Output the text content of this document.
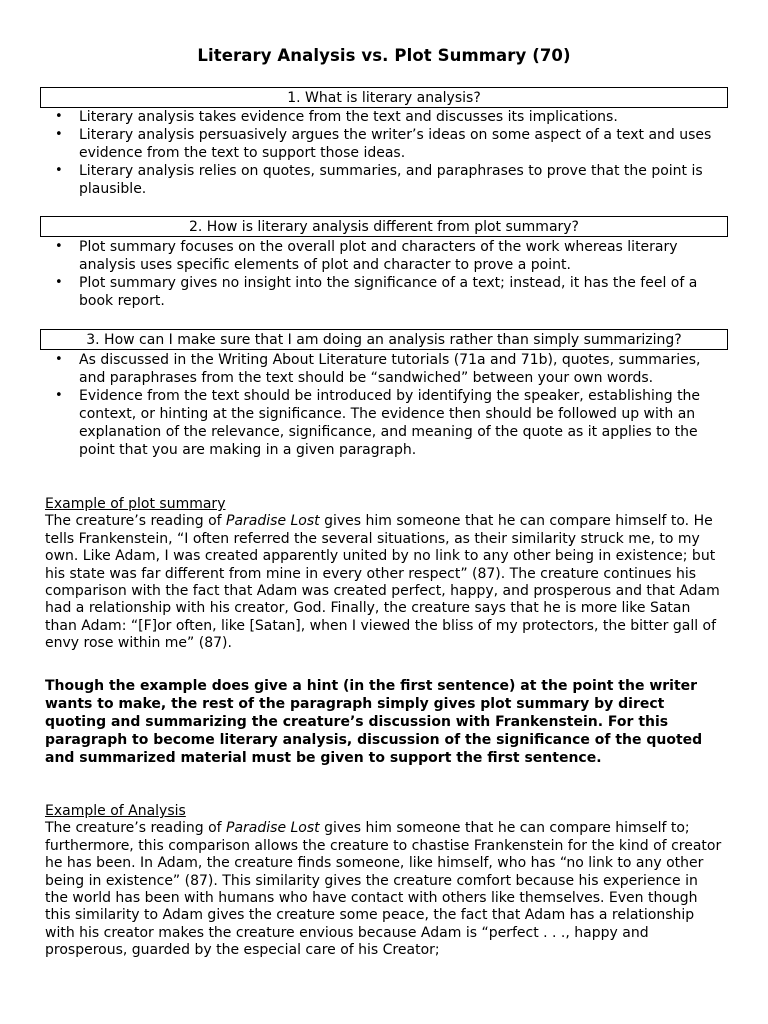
Literary Analysis vs. Plot Summary (70)
1. What is literary analysis?
• Literary analysis takes evidence from the text and discusses its implications.
• Literary analysis persuasively argues the writer’s ideas on some aspect of a text and uses evidence from the text to support those ideas.
• Literary analysis relies on quotes, summaries, and paraphrases to prove that the point is plausible.
2. How is literary analysis different from plot summary?
• Plot summary focuses on the overall plot and characters of the work whereas literary analysis uses specific elements of plot and character to prove a point.
• Plot summary gives no insight into the significance of a text; instead, it has the feel of a book report.
3. How can I make sure that I am doing an analysis rather than simply summarizing?
• As discussed in the Writing About Literature tutorials (71a and 71b), quotes, summaries, and paraphrases from the text should be “sandwiched” between your own words.
• Evidence from the text should be introduced by identifying the speaker, establishing the context, or hinting at the significance. The evidence then should be followed up with an explanation of the relevance, significance, and meaning of the quote as it applies to the point that you are making in a given paragraph.
Example of plot summary
The creature’s reading of Paradise Lost gives him someone that he can compare himself to. He tells Frankenstein, “I often referred the several situations, as their similarity struck me, to my own. Like Adam, I was created apparently united by no link to any other being in existence; but his state was far different from mine in every other respect” (87). The creature continues his comparison with the fact that Adam was created perfect, happy, and prosperous and that Adam had a relationship with his creator, God. Finally, the creature says that he is more like Satan than Adam: “[F]or often, like [Satan], when I viewed the bliss of my protectors, the bitter gall of envy rose within me” (87).
Though the example does give a hint (in the first sentence) at the point the writer wants to make, the rest of the paragraph simply gives plot summary by direct quoting and summarizing the creature’s discussion with Frankenstein. For this paragraph to become literary analysis, discussion of the significance of the quoted and summarized material must be given to support the first sentence.
Example of Analysis
The creature’s reading of Paradise Lost gives him someone that he can compare himself to; furthermore, this comparison allows the creature to chastise Frankenstein for the kind of creator he has been. In Adam, the creature finds someone, like himself, who has “no link to any other being in existence” (87). This similarity gives the creature comfort because his experience in the world has been with humans who have contact with others like themselves. Even though this similarity to Adam gives the creature some peace, the fact that Adam has a relationship with his creator makes the creature envious because Adam is “perfect . . ., happy and prosperous, guarded by the especial care of his Creator;
